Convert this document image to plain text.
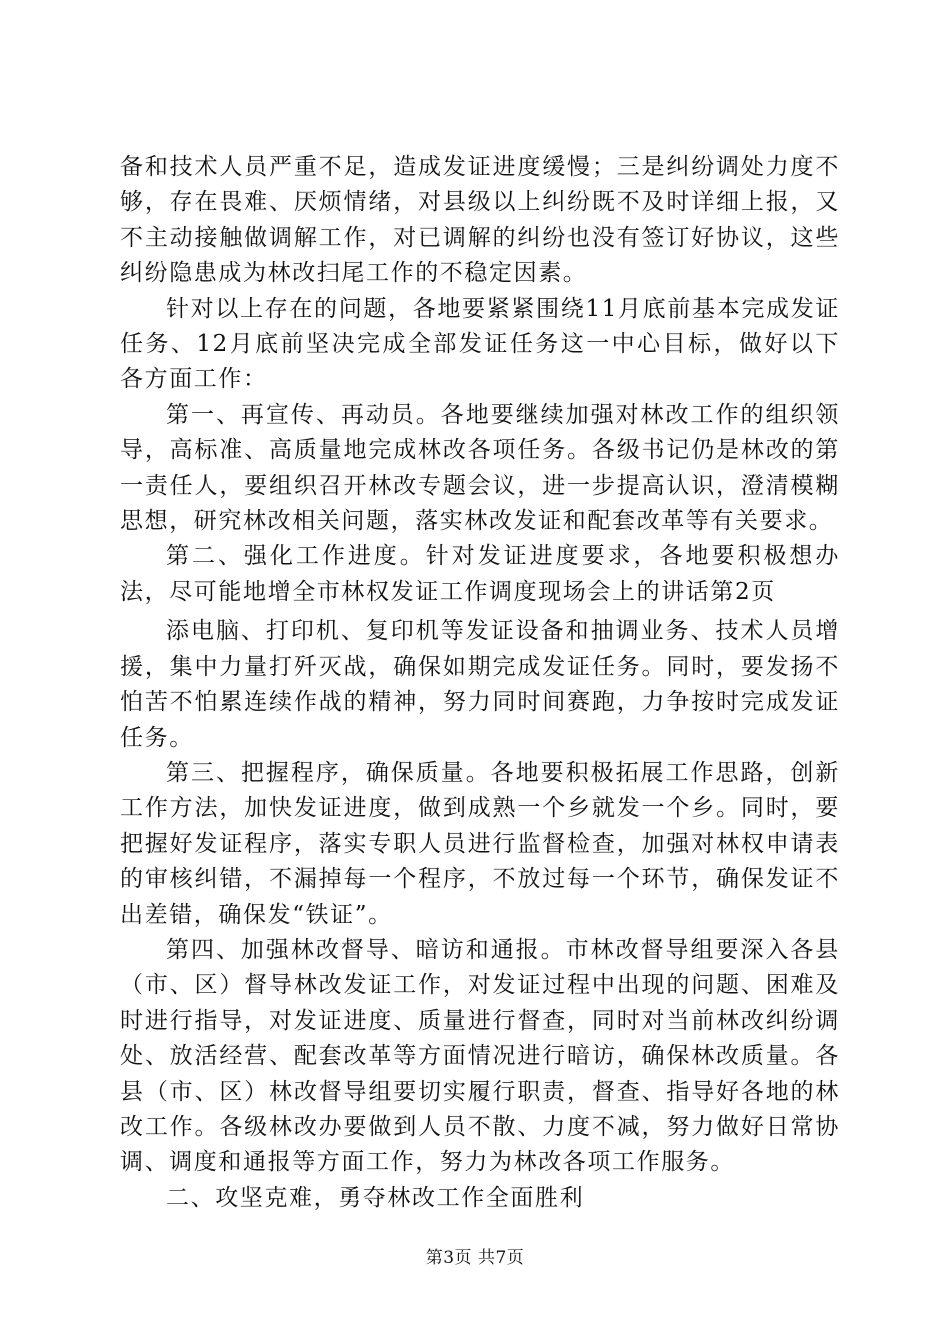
备和技术人员严重不足，造成发证进度缓慢；三是纠纷调处力度不够，存在畏难、厌烦情绪，对县级以上纠纷既不及时详细上报，又不主动接触做调解工作，对已调解的纠纷也没有签订好协议，这些纠纷隐患成为林改扫尾工作的不稳定因素。

针对以上存在的问题，各地要紧紧围绕11月底前基本完成发证任务、12月底前坚决完成全部发证任务这一中心目标，做好以下各方面工作：

第一、再宣传、再动员。各地要继续加强对林改工作的组织领导，高标准、高质量地完成林改各项任务。各级书记仍是林改的第一责任人，要组织召开林改专题会议，进一步提高认识，澄清模糊思想，研究林改相关问题，落实林改发证和配套改革等有关要求。

第二、强化工作进度。针对发证进度要求，各地要积极想办法，尽可能地增全市林权发证工作调度现场会上的讲话第2页

添电脑、打印机、复印机等发证设备和抽调业务、技术人员增援，集中力量打歼灭战，确保如期完成发证任务。同时，要发扬不怕苦不怕累连续作战的精神，努力同时间赛跑，力争按时完成发证任务。

第三、把握程序，确保质量。各地要积极拓展工作思路，创新工作方法，加快发证进度，做到成熟一个乡就发一个乡。同时，要把握好发证程序，落实专职人员进行监督检查，加强对林权申请表的审核纠错，不漏掉每一个程序，不放过每一个环节，确保发证不出差错，确保发“铁证”。

第四、加强林改督导、暗访和通报。市林改督导组要深入各县（市、区）督导林改发证工作，对发证过程中出现的问题、困难及时进行指导，对发证进度、质量进行督查，同时对当前林改纠纷调处、放活经营、配套改革等方面情况进行暗访，确保林改质量。各县（市、区）林改督导组要切实履行职责，督查、指导好各地的林改工作。各级林改办要做到人员不散、力度不减，努力做好日常协调、调度和通报等方面工作，努力为林改各项工作服务。

二、攻坚克难，勇夺林改工作全面胜利

第3页 共7页
